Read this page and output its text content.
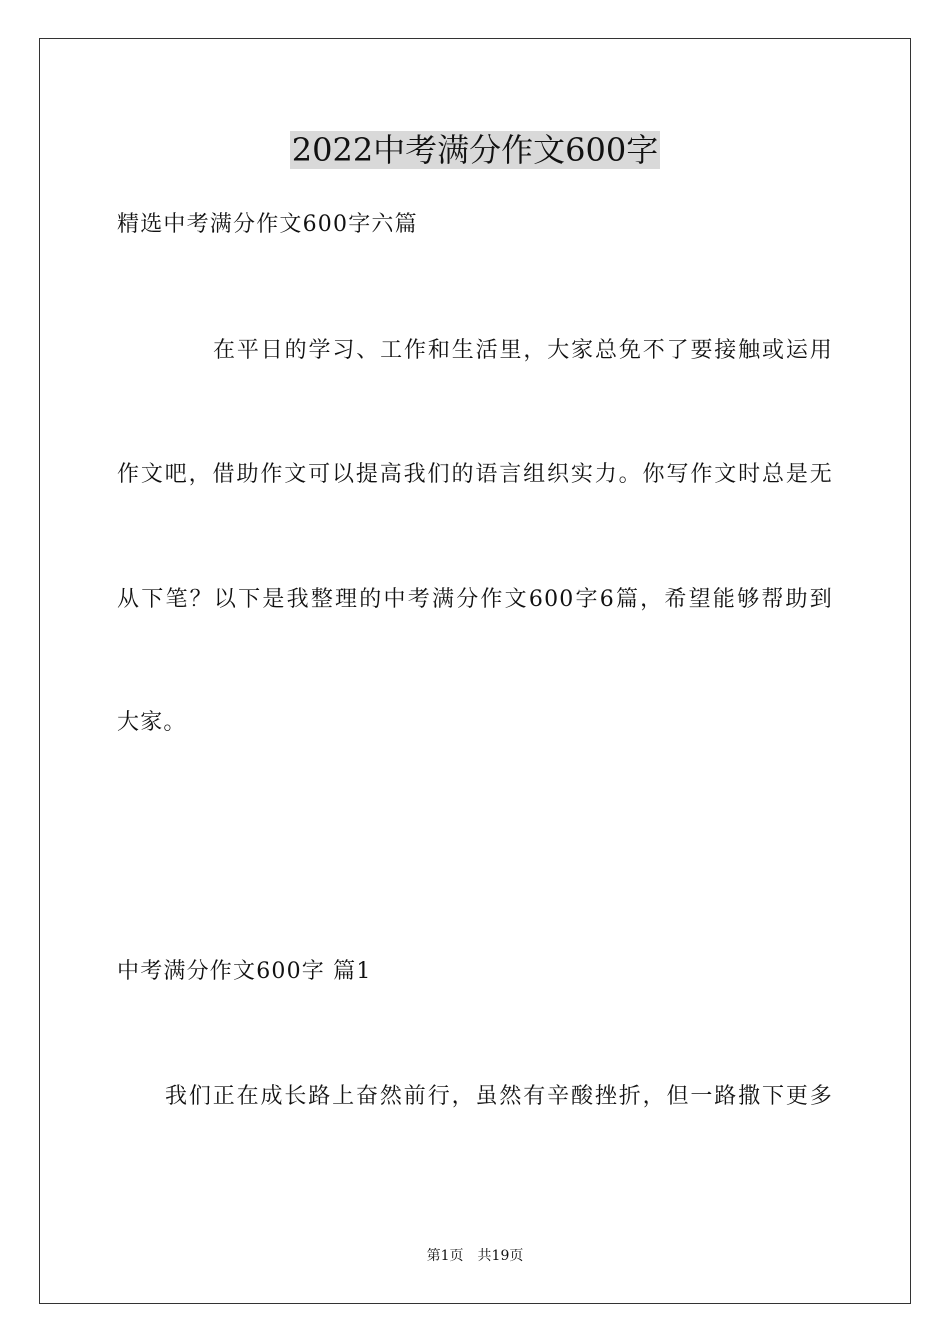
2022中考满分作文600字
精选中考满分作文600字六篇
在平日的学习、工作和生活里，大家总免不了要接触或运用
作文吧，借助作文可以提高我们的语言组织实力。你写作文时总是无
从下笔？以下是我整理的中考满分作文600字6篇，希望能够帮助到
大家。
中考满分作文600字 篇1
我们正在成长路上奋然前行，虽然有辛酸挫折，但一路撒下更多
第1页　共19页
